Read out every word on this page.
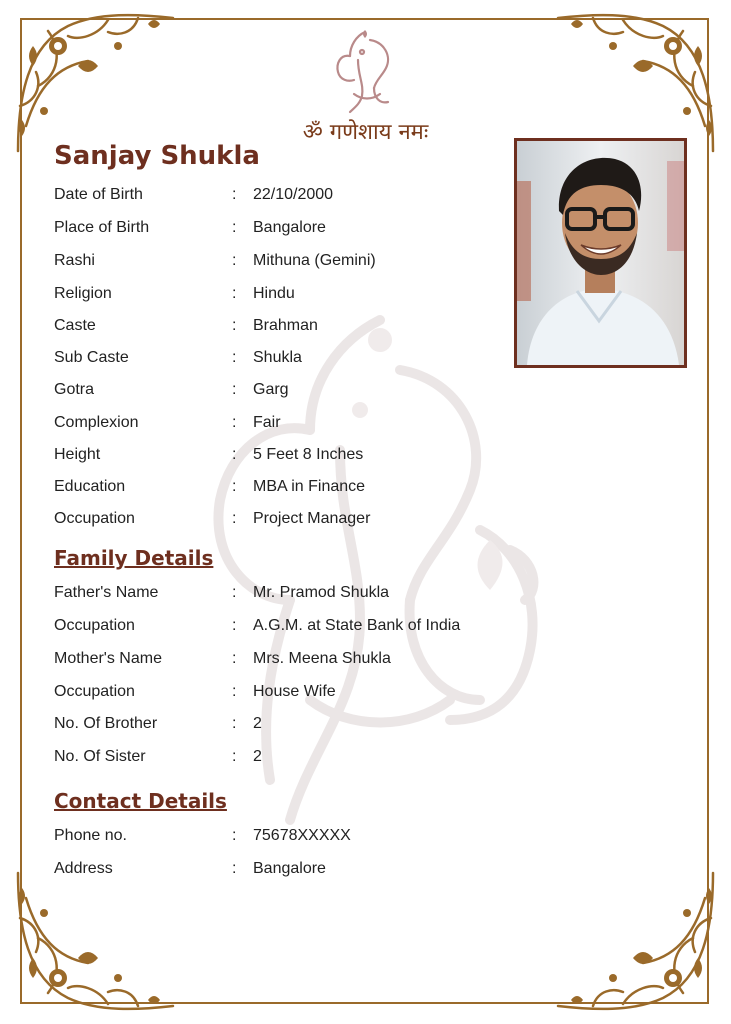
ॐ गणेशाय नमः
Sanjay Shukla
Date of Birth	: 22/10/2000
Place of Birth	: Bangalore
Rashi	: Mithuna (Gemini)
Religion	: Hindu
Caste	: Brahman
Sub Caste	: Shukla
Gotra	: Garg
Complexion	: Fair
Height	: 5 Feet 8 Inches
Education	: MBA in Finance
Occupation	: Project Manager
Family Details
Father's Name	: Mr. Pramod Shukla
Occupation	: A.G.M. at State Bank of India
Mother's Name	: Mrs. Meena Shukla
Occupation	: House Wife
No. Of Brother	: 2
No. Of Sister	: 2
Contact Details
Phone no.	: 75678XXXXX
Address	: Bangalore
